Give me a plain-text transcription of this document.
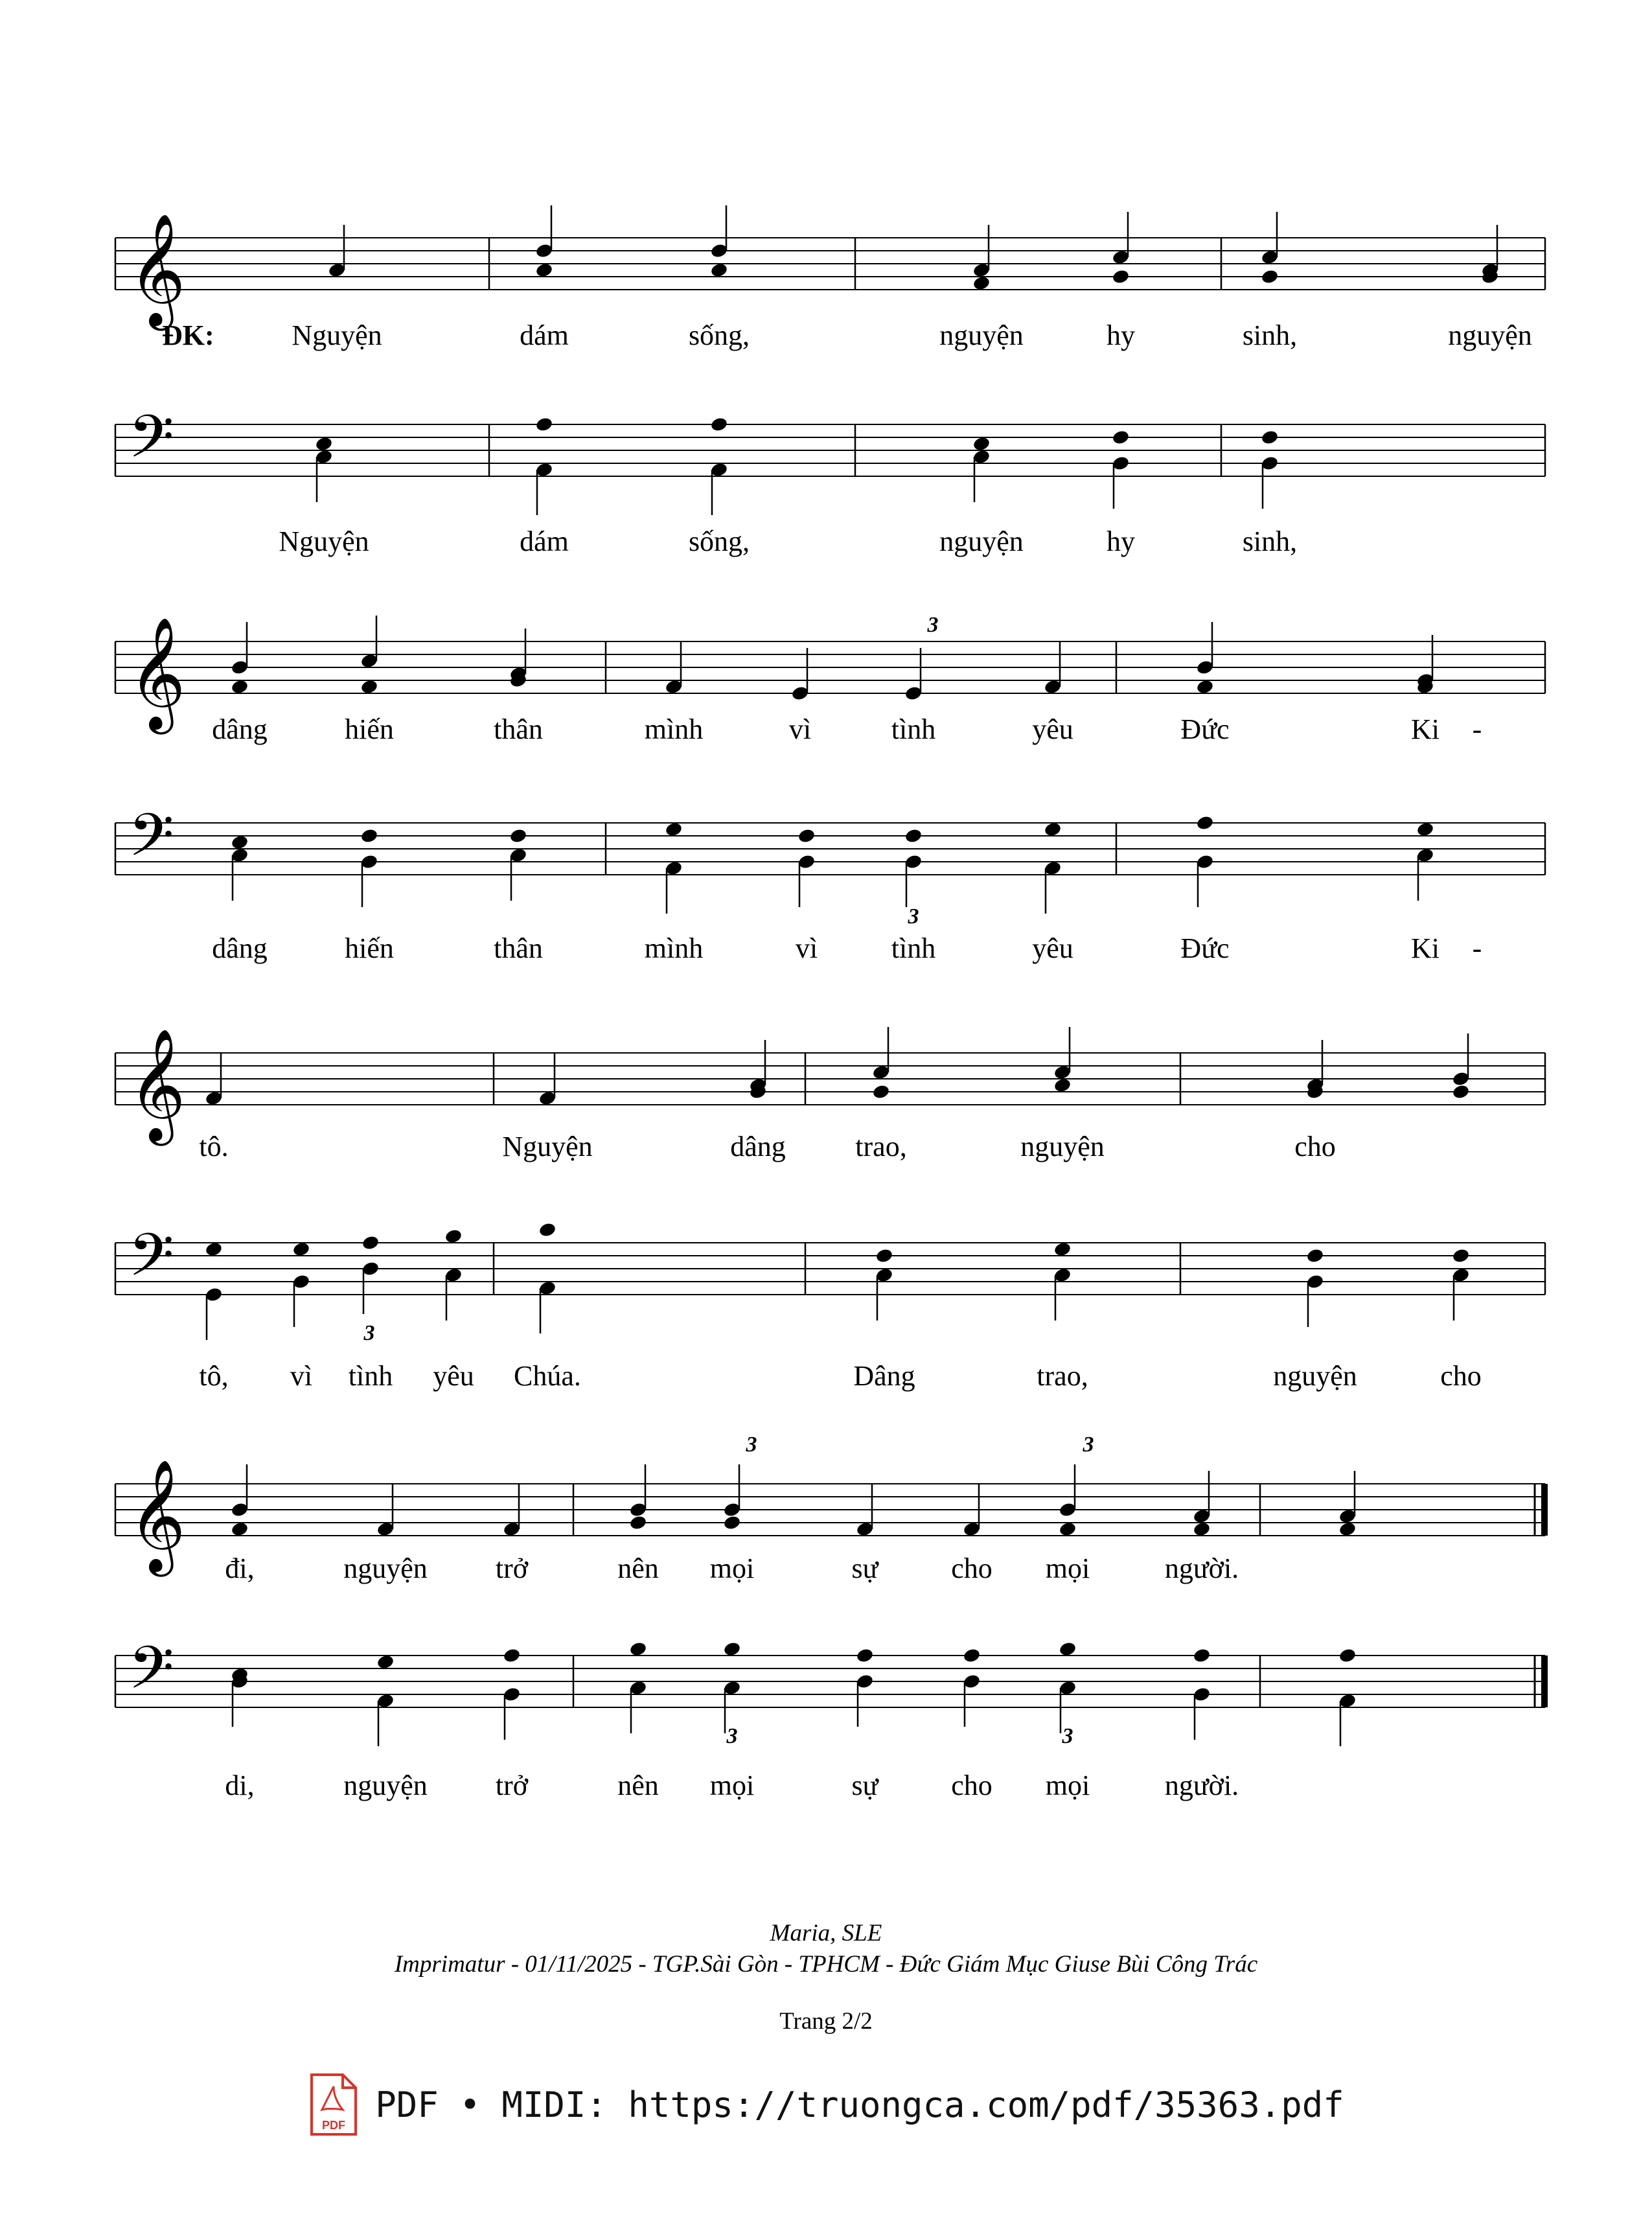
𝄞
𝄢
𝄞
𝄢
𝄞
𝄢
𝄞
𝄢
Nguyện	dám	sống,	nguyện	hy	sinh,	nguyện
Nguyện	dám	sống,	nguyện	hy	sinh,
dâng	hiến	thân	mình	vì	tình	yêu	Đức	Ki -
dâng	hiến	thân	mình	vì	tình	yêu	Đức	Ki -
tô.	Nguyện	dâng trao,	nguyện	cho
tô, vì tình yêu Chúa.	Dâng	trao,	nguyện	cho
đi,	nguyện trở	nên mọi	sự	cho mọi	người.
di,	nguyện trở	nên mọi	sự	cho mọi	người.
ĐK:
3
3
3
3	3
3	3
Maria, SLE
Imprimatur - 01/11/2025 - TGP.Sài Gòn - TPHCM - Đức Giám Mục Giuse Bùi Công Trác
Trang 2/2
PDF
PDF • MIDI: https://truongca.com/pdf/35363.pdf
